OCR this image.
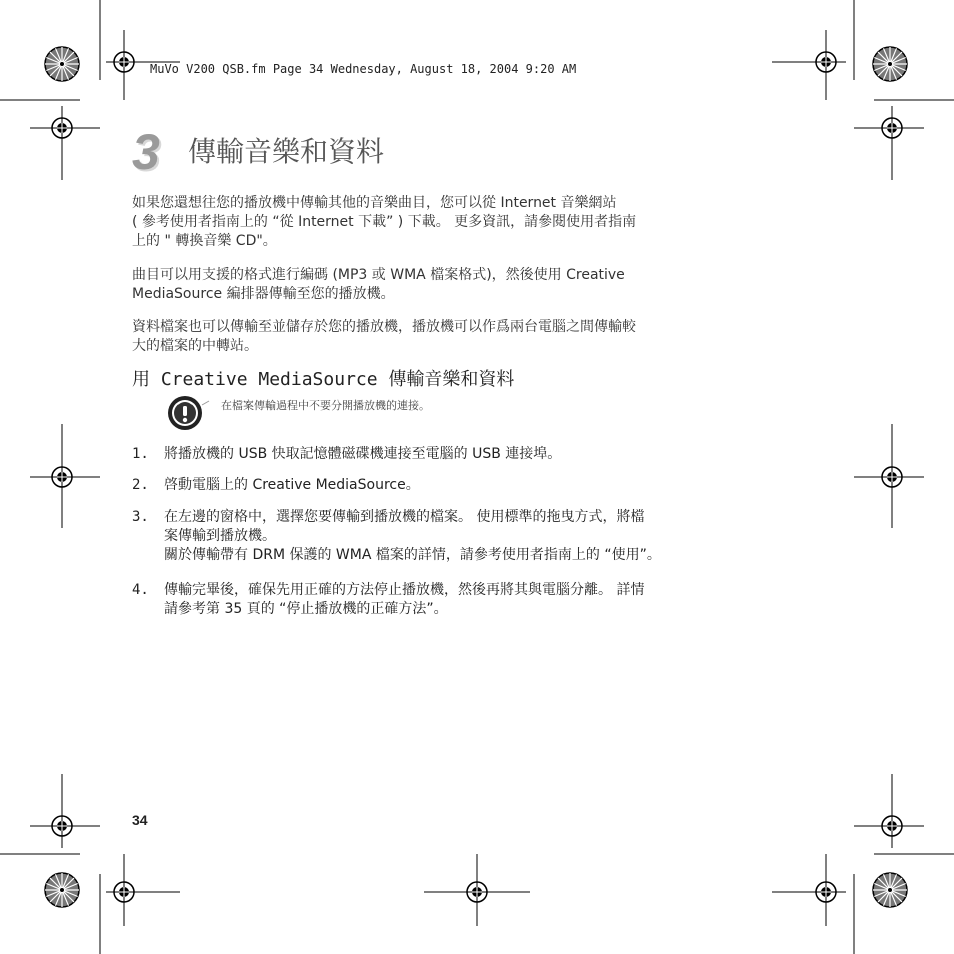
MuVo V200 QSB.fm Page 34 Wednesday, August 18, 2004 9:20 AM
3 傳輸音樂和資料
如果您還想往您的播放機中傳輸其他的音樂曲目，您可以從 Internet 音樂網站
( 參考使用者指南上的 “從 Internet 下載” ) 下載。 更多資訊，請參閱使用者指南
上的 " 轉換音樂 CD"。
曲目可以用支援的格式進行編碼 (MP3 或 WMA 檔案格式)，然後使用 Creative
MediaSource 編排器傳輸至您的播放機。
資料檔案也可以傳輸至並儲存於您的播放機，播放機可以作爲兩台電腦之間傳輸較
大的檔案的中轉站。
用 Creative MediaSource 傳輸音樂和資料
在檔案傳輸過程中不要分開播放機的連接。
1.	將播放機的 USB 快取記憶體磁碟機連接至電腦的 USB 連接埠。
2.	啓動電腦上的 Creative MediaSource。
3.	在左邊的窗格中，選擇您要傳輸到播放機的檔案。 使用標準的拖曳方式，將檔
案傳輸到播放機。
關於傳輸帶有 DRM 保護的 WMA 檔案的詳情，請參考使用者指南上的 “使用”。
4.	傳輸完畢後，確保先用正確的方法停止播放機，然後再將其與電腦分離。 詳情
請參考第 35 頁的 “停止播放機的正確方法”。
34
